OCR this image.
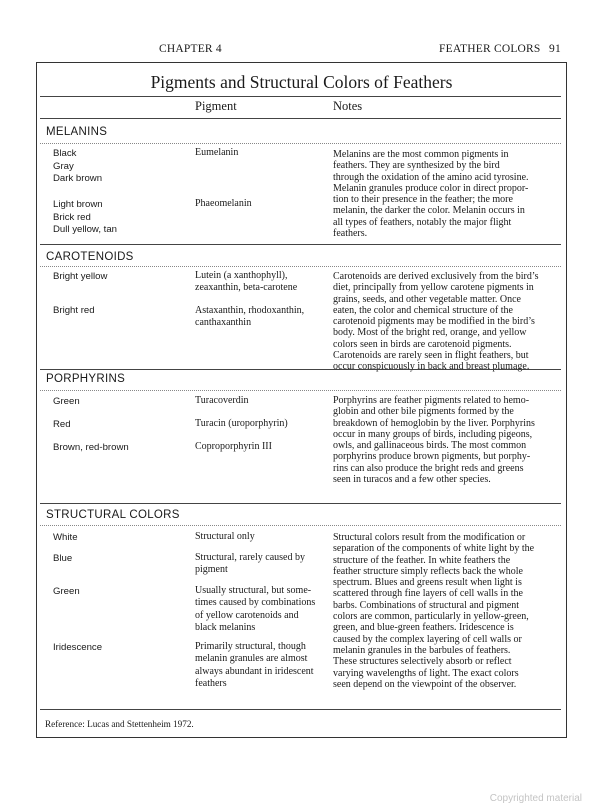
CHAPTER 4	FEATHER COLORS 91
Pigments and Structural Colors of Feathers
Pigment	Notes
MELANINS
Black
Gray
Dark brown
Eumelanin
Light brown
Brick red
Dull yellow, tan
Phaeomelanin
Melanins are the most common pigments in
feathers. They are synthesized by the bird
through the oxidation of the amino acid tyrosine.
Melanin granules produce color in direct propor-
tion to their presence in the feather; the more
melanin, the darker the color. Melanin occurs in
all types of feathers, notably the major flight
feathers.
CAROTENOIDS
Bright yellow	Lutein (a xanthophyll),
zeaxanthin, beta-carotene
Bright red	Astaxanthin, rhodoxanthin,
canthaxanthin
Carotenoids are derived exclusively from the bird’s
diet, principally from yellow carotene pigments in
grains, seeds, and other vegetable matter. Once
eaten, the color and chemical structure of the
carotenoid pigments may be modified in the bird’s
body. Most of the bright red, orange, and yellow
colors seen in birds are carotenoid pigments.
Carotenoids are rarely seen in flight feathers, but
occur conspicuously in back and breast plumage.
PORPHYRINS
Green	Turacoverdin
Red	Turacin (uroporphyrin)
Brown, red-brown	Coproporphyrin III
Porphyrins are feather pigments related to hemo-
globin and other bile pigments formed by the
breakdown of hemoglobin by the liver. Porphyrins
occur in many groups of birds, including pigeons,
owls, and gallinaceous birds. The most common
porphyrins produce brown pigments, but porphy-
rins can also produce the bright reds and greens
seen in turacos and a few other species.
STRUCTURAL COLORS
White	Structural only
Blue	Structural, rarely caused by
pigment
Green	Usually structural, but some-
times caused by combinations
of yellow carotenoids and
black melanins
Iridescence	Primarily structural, though
melanin granules are almost
always abundant in iridescent
feathers
Structural colors result from the modification or
separation of the components of white light by the
structure of the feather. In white feathers the
feather structure simply reflects back the whole
spectrum. Blues and greens result when light is
scattered through fine layers of cell walls in the
barbs. Combinations of structural and pigment
colors are common, particularly in yellow-green,
green, and blue-green feathers. Iridescence is
caused by the complex layering of cell walls or
melanin granules in the barbules of feathers.
These structures selectively absorb or reflect
varying wavelengths of light. The exact colors
seen depend on the viewpoint of the observer.
Reference: Lucas and Stettenheim 1972.
Copyrighted material
